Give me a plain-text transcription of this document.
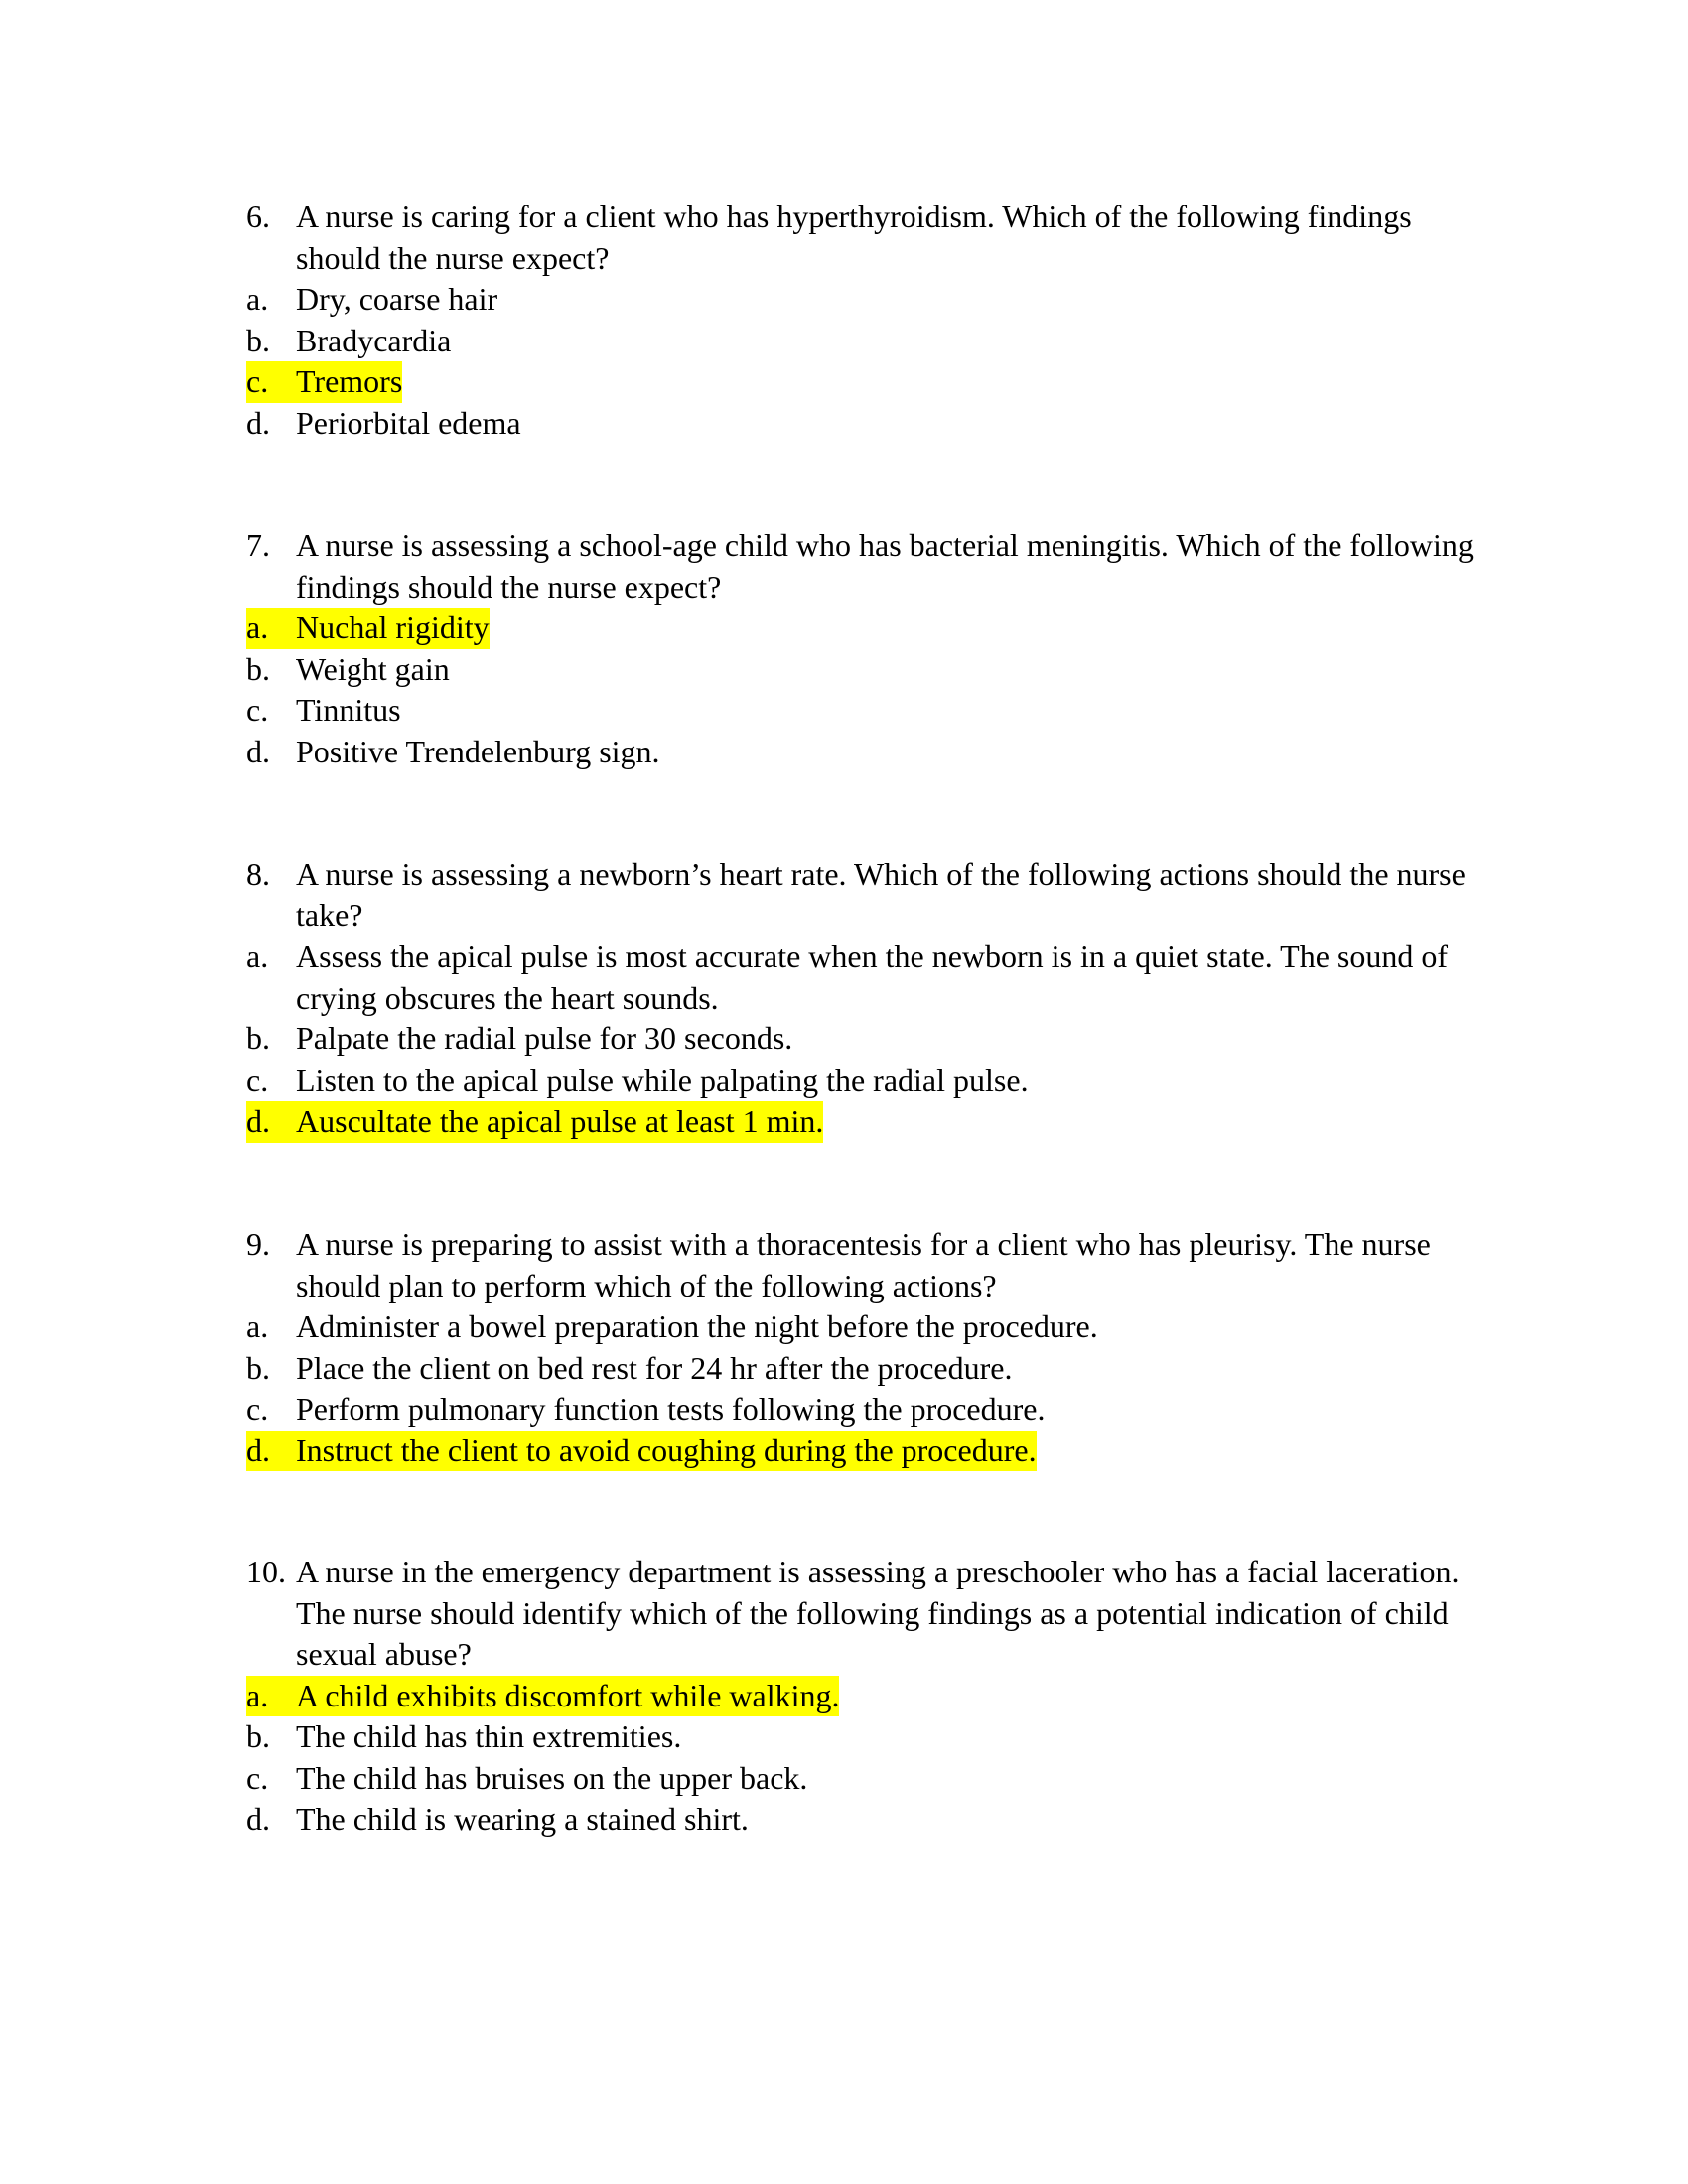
6. A nurse is caring for a client who has hyperthyroidism. Which of the following findings should the nurse expect?
a. Dry, coarse hair
b. Bradycardia
c. Tremors
d. Periorbital edema
7. A nurse is assessing a school-age child who has bacterial meningitis. Which of the following findings should the nurse expect?
a. Nuchal rigidity
b. Weight gain
c. Tinnitus
d. Positive Trendelenburg sign.
8. A nurse is assessing a newborn’s heart rate. Which of the following actions should the nurse take?
a. Assess the apical pulse is most accurate when the newborn is in a quiet state. The sound of crying obscures the heart sounds.
b. Palpate the radial pulse for 30 seconds.
c. Listen to the apical pulse while palpating the radial pulse.
d. Auscultate the apical pulse at least 1 min.
9. A nurse is preparing to assist with a thoracentesis for a client who has pleurisy. The nurse should plan to perform which of the following actions?
a. Administer a bowel preparation the night before the procedure.
b. Place the client on bed rest for 24 hr after the procedure.
c. Perform pulmonary function tests following the procedure.
d. Instruct the client to avoid coughing during the procedure.
10. A nurse in the emergency department is assessing a preschooler who has a facial laceration. The nurse should identify which of the following findings as a potential indication of child sexual abuse?
a. A child exhibits discomfort while walking.
b. The child has thin extremities.
c. The child has bruises on the upper back.
d. The child is wearing a stained shirt.
